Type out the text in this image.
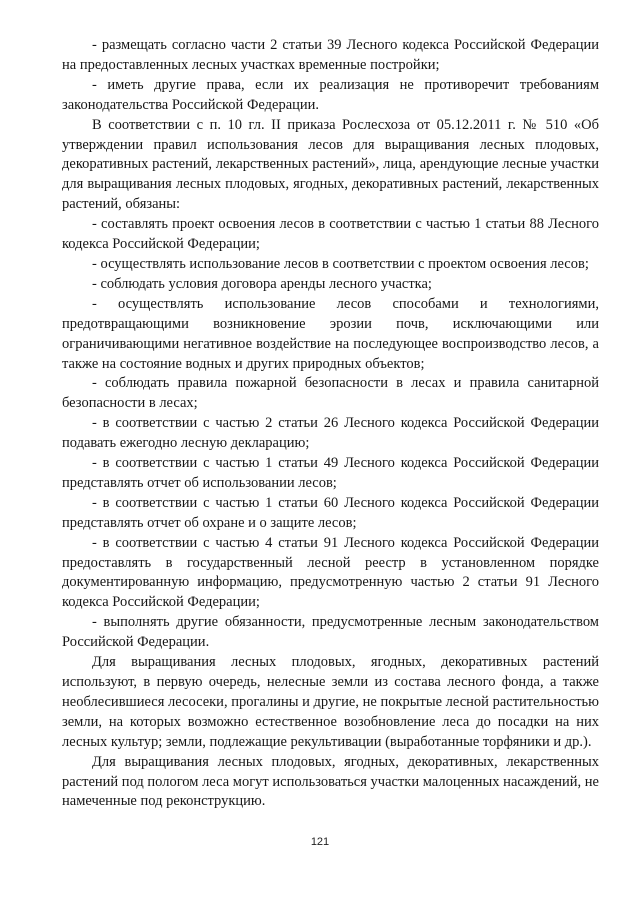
- размещать согласно части 2 статьи 39 Лесного кодекса Российской Федерации на предоставленных лесных участках временные постройки;

- иметь другие права, если их реализация не противоречит требованиям законодательства Российской Федерации.

В соответствии с п. 10 гл. II приказа Рослесхоза от 05.12.2011 г. № 510 «Об утверждении правил использования лесов для выращивания лесных плодовых, декоративных растений, лекарственных растений», лица, арендующие лесные участки для выращивания лесных плодовых, ягодных, декоративных растений, лекарственных растений, обязаны:

- составлять проект освоения лесов в соответствии с частью 1 статьи 88 Лесного кодекса Российской Федерации;

- осуществлять использование лесов в соответствии с проектом освоения лесов;

- соблюдать условия договора аренды лесного участка;

- осуществлять использование лесов способами и технологиями, предотвращающими возникновение эрозии почв, исключающими или ограничивающими негативное воздействие на последующее воспроизводство лесов, а также на состояние водных и других природных объектов;

- соблюдать правила пожарной безопасности в лесах и правила санитарной безопасности в лесах;

- в соответствии с частью 2 статьи 26 Лесного кодекса Российской Федерации подавать ежегодно лесную декларацию;

- в соответствии с частью 1 статьи 49 Лесного кодекса Российской Федерации представлять отчет об использовании лесов;

- в соответствии с частью 1 статьи 60 Лесного кодекса Российской Федерации представлять отчет об охране и о защите лесов;

- в соответствии с частью 4 статьи 91 Лесного кодекса Российской Федерации предоставлять в государственный лесной реестр в установленном порядке документированную информацию, предусмотренную частью 2 статьи 91 Лесного кодекса Российской Федерации;

- выполнять другие обязанности, предусмотренные лесным законодательством Российской Федерации.

Для выращивания лесных плодовых, ягодных, декоративных растений используют, в первую очередь, нелесные земли из состава лесного фонда, а также необлесившиеся лесосеки, прогалины и другие, не покрытые лесной растительностью земли, на которых возможно естественное возобновление леса до посадки на них лесных культур; земли, подлежащие рекультивации (выработанные торфяники и др.).

Для выращивания лесных плодовых, ягодных, декоративных, лекарственных растений под пологом леса могут использоваться участки малоценных насаждений, не намеченные под реконструкцию.

121
